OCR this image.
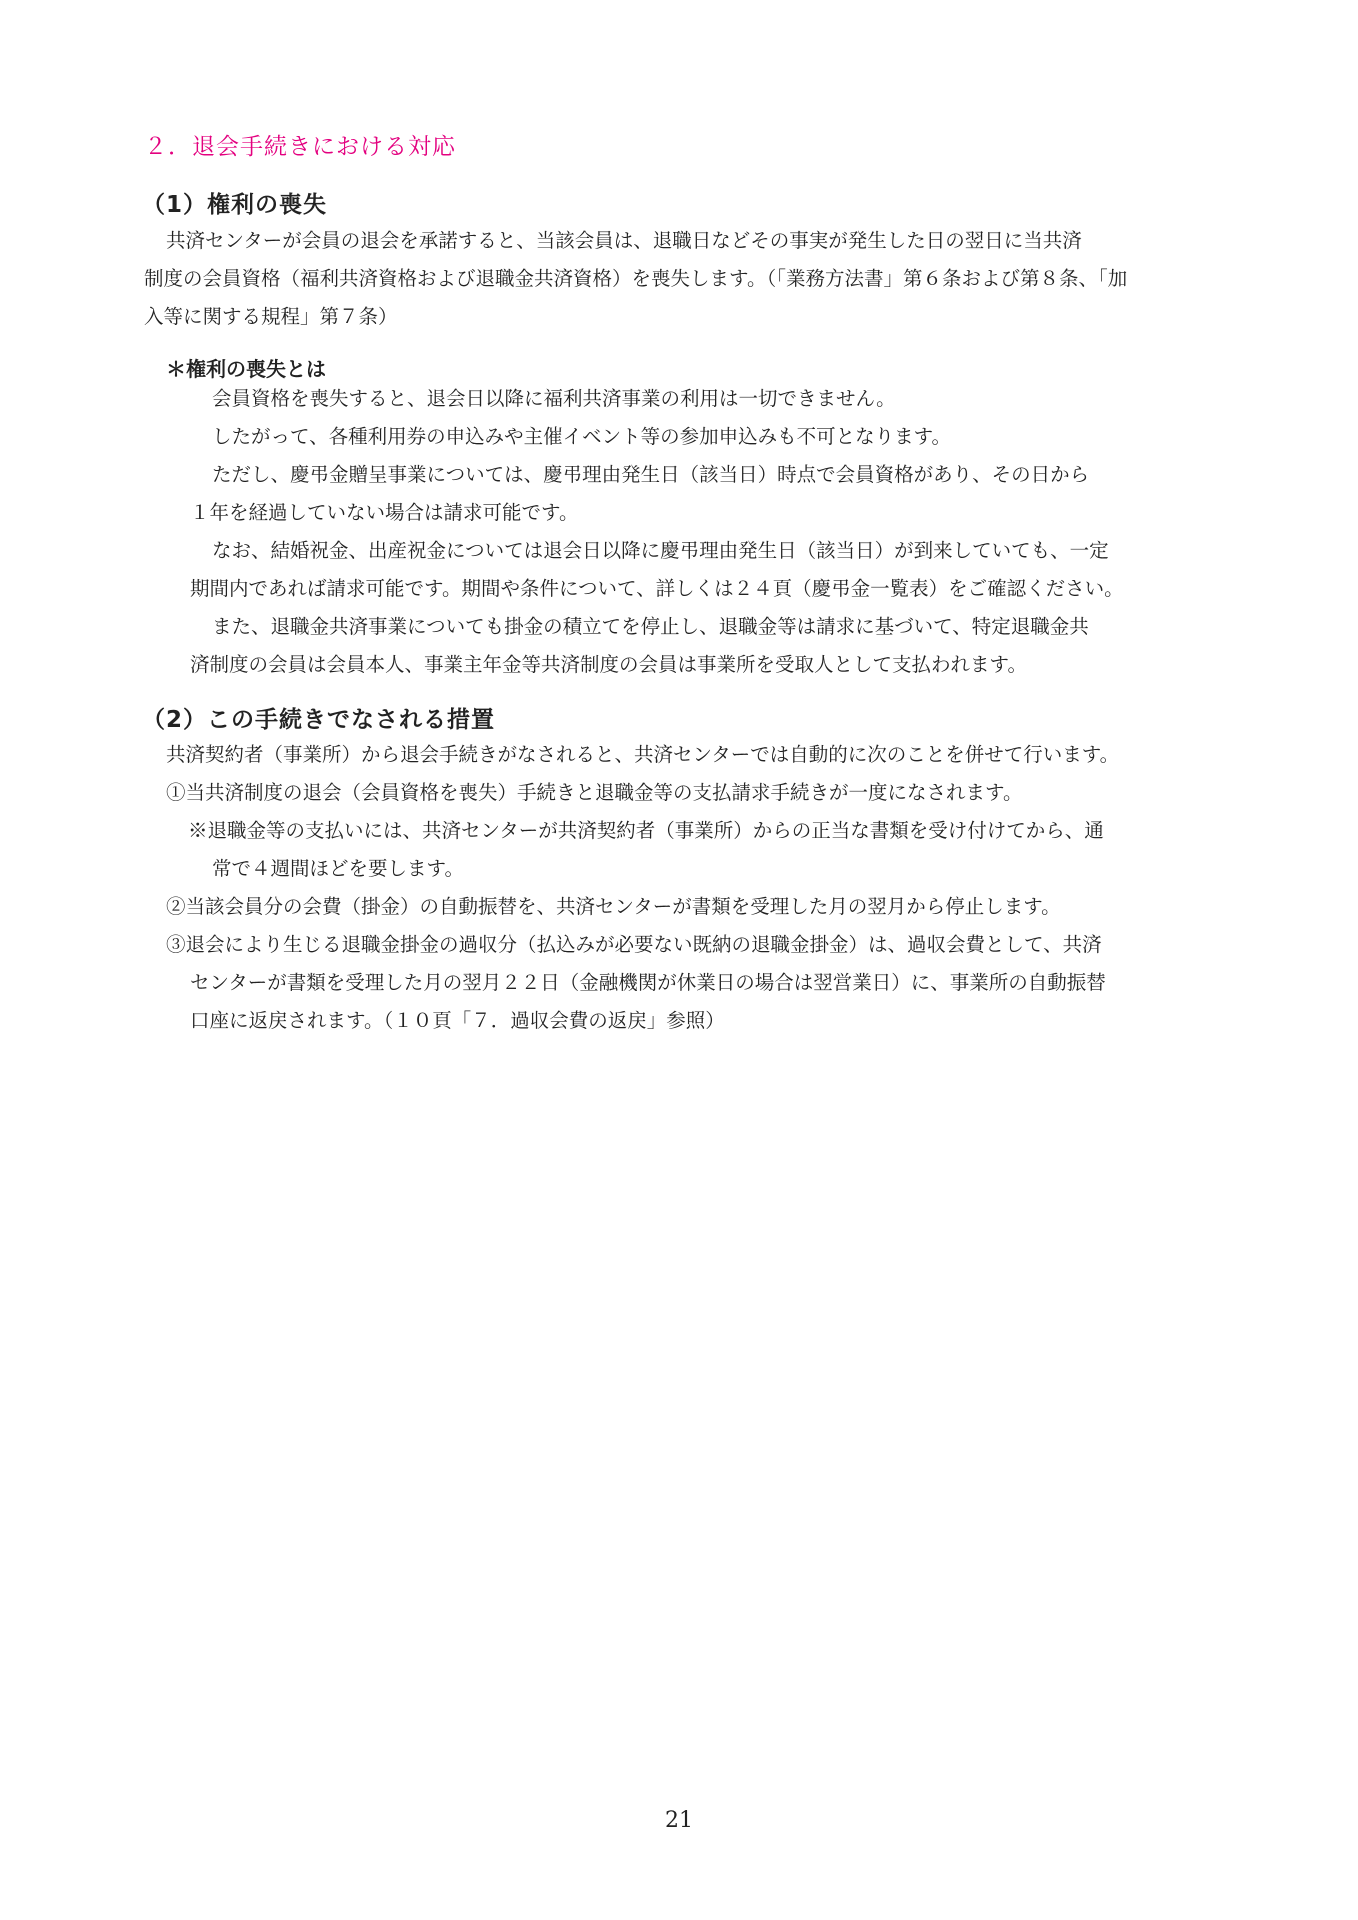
２．退会手続きにおける対応
（1）権利の喪失

共済センターが会員の退会を承諾すると、当該会員は、退職日などその事実が発生した日の翌日に当共済

制度の会員資格（福利共済資格および退職金共済資格）を喪失します。（「業務方法書」第６条および第８条、「加

入等に関する規程」第７条）

＊権利の喪失とは

会員資格を喪失すると、退会日以降に福利共済事業の利用は一切できません。

したがって、各種利用券の申込みや主催イベント等の参加申込みも不可となります。

ただし、慶弔金贈呈事業については、慶弔理由発生日（該当日）時点で会員資格があり、その日から

１年を経過していない場合は請求可能です。

なお、結婚祝金、出産祝金については退会日以降に慶弔理由発生日（該当日）が到来していても、一定

期間内であれば請求可能です。期間や条件について、詳しくは２４頁（慶弔金一覧表）をご確認ください。

また、退職金共済事業についても掛金の積立てを停止し、退職金等は請求に基づいて、特定退職金共

済制度の会員は会員本人、事業主年金等共済制度の会員は事業所を受取人として支払われます。

（2）この手続きでなされる措置

共済契約者（事業所）から退会手続きがなされると、共済センターでは自動的に次のことを併せて行います。

①当共済制度の退会（会員資格を喪失）手続きと退職金等の支払請求手続きが一度になされます。

※退職金等の支払いには、共済センターが共済契約者（事業所）からの正当な書類を受け付けてから、通

常で４週間ほどを要します。

②当該会員分の会費（掛金）の自動振替を、共済センターが書類を受理した月の翌月から停止します。

③退会により生じる退職金掛金の過収分（払込みが必要ない既納の退職金掛金）は、過収会費として、共済

センターが書類を受理した月の翌月２２日（金融機関が休業日の場合は翌営業日）に、事業所の自動振替

口座に返戻されます。（１０頁「７．過収会費の返戻」参照）

21
